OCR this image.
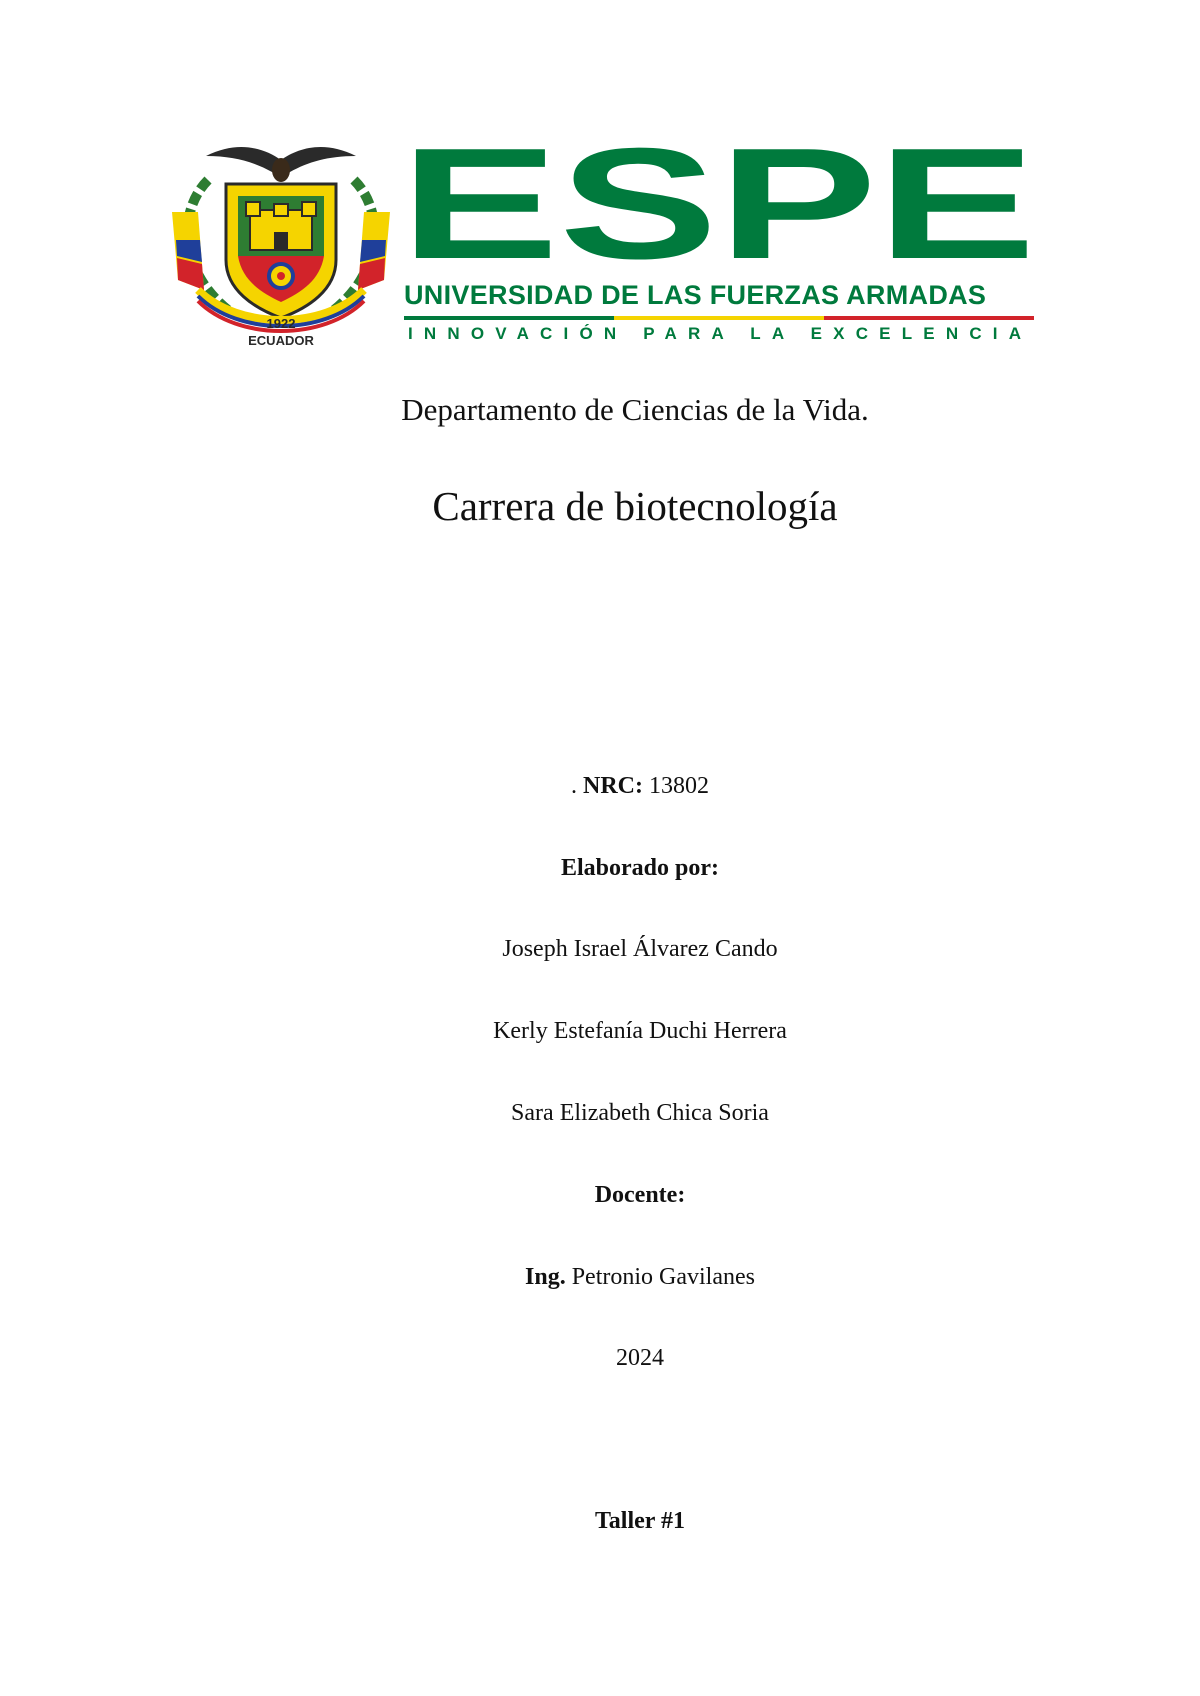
1922
ECUADOR
ESPE
UNIVERSIDAD DE LAS FUERZAS ARMADAS
INNOVACIÓN PARA LA EXCELENCIA
Departamento de Ciencias de la Vida.
Carrera de biotecnología
. NRC: 13802
Elaborado por:
Joseph Israel Álvarez Cando
Kerly Estefanía Duchi Herrera
Sara Elizabeth Chica Soria
Docente:
Ing. Petronio Gavilanes
2024
Taller #1
